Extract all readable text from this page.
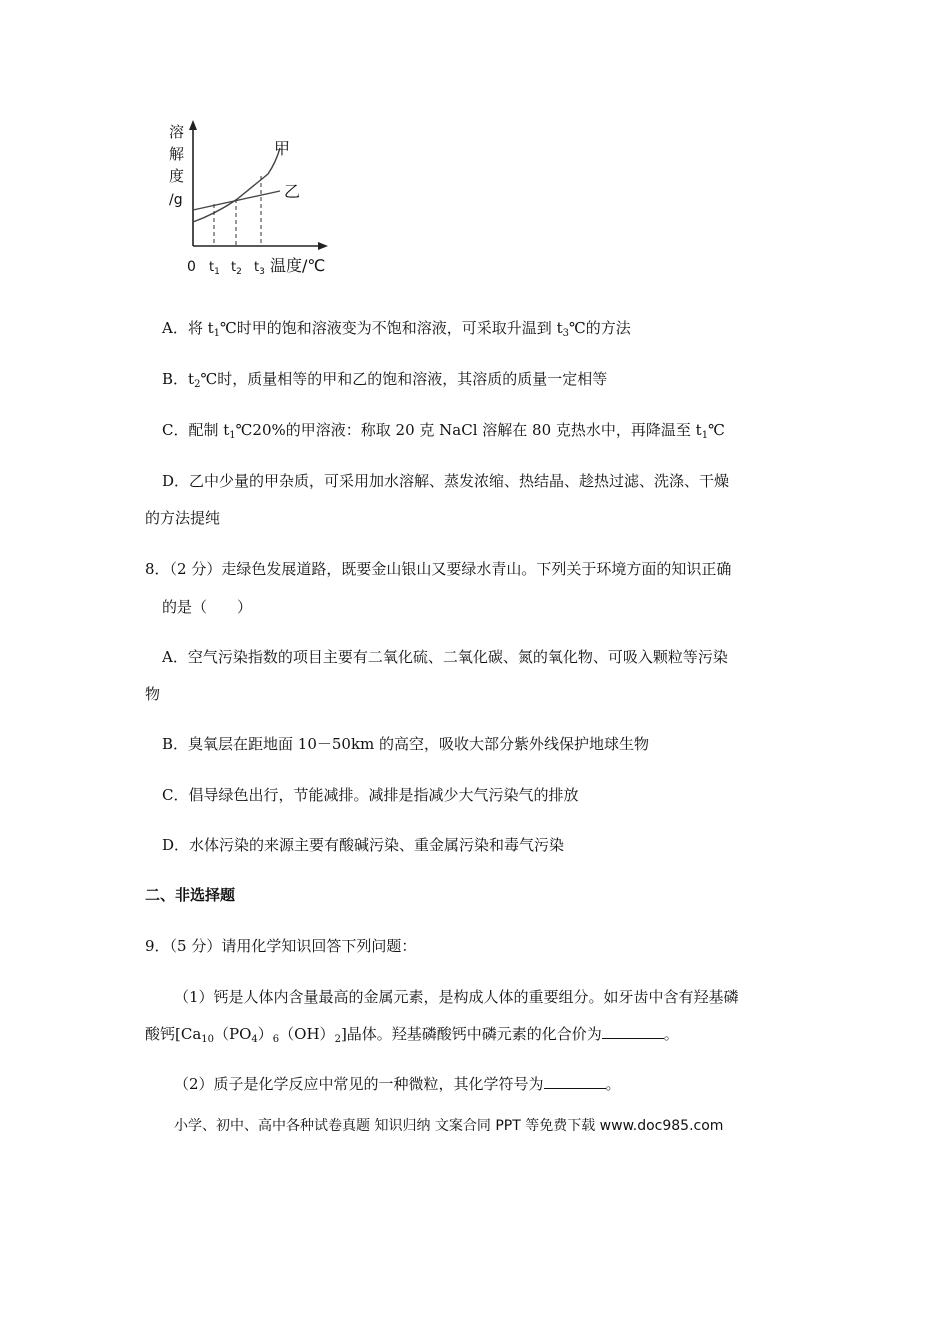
溶
解
度
/g
甲
乙
0 $t_1$ $t_2$ $t_3$ 温度/℃
A．将 $t_1℃$时甲的饱和溶液变为不饱和溶液，可采取升温到 $t_3℃$的方法
B．$t_2℃$时，质量相等的甲和乙的饱和溶液，其溶质的质量一定相等
C．配制 $t_1℃20\%$的甲溶液：称取 20 克 NaCl 溶解在 80 克热水中，再降温至 $t_1℃$
D．乙中少量的甲杂质，可采用加水溶解、蒸发浓缩、热结晶、趁热过滤、洗涤、干燥
的方法提纯
8．（2 分）走绿色发展道路，既要金山银山又要绿水青山。下列关于环境方面的知识正确
的是（　　）
A．空气污染指数的项目主要有二氧化硫、二氧化碳、氮的氧化物、可吸入颗粒等污染
物
B．臭氧层在距地面 10－50km 的高空，吸收大部分紫外线保护地球生物
C．倡导绿色出行，节能减排。减排是指减少大气污染气的排放
D．水体污染的来源主要有酸碱污染、重金属污染和毒气污染
二、非选择题
9．（5 分）请用化学知识回答下列问题：
（1）钙是人体内含量最高的金属元素，是构成人体的重要组分。如牙齿中含有羟基磷
酸钙$[Ca_{10}(PO_4)_6(OH)_2]$晶体。羟基磷酸钙中磷元素的化合价为	。
（2）质子是化学反应中常见的一种微粒，其化学符号为	。
小学、初中、高中各种试卷真题 知识归纳 文案合同 PPT 等免费下载 www.doc985.com
